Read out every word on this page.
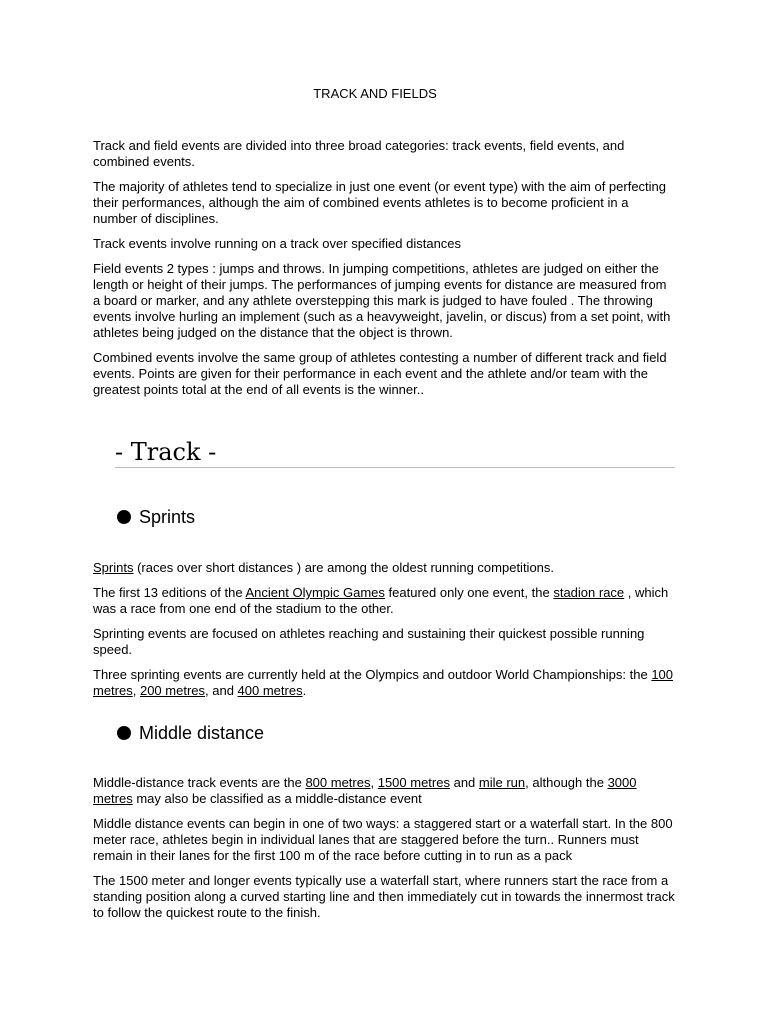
TRACK AND FIELDS

Track and field events are divided into three broad categories: track events, field events, and combined events.

The majority of athletes tend to specialize in just one event (or event type) with the aim of perfecting their performances, although the aim of combined events athletes is to become proficient in a number of disciplines.

Track events involve running on a track over specified distances

Field events 2 types : jumps and throws. In jumping competitions, athletes are judged on either the length or height of their jumps. The performances of jumping events for distance are measured from a board or marker, and any athlete overstepping this mark is judged to have fouled . The throwing events involve hurling an implement (such as a heavyweight, javelin, or discus) from a set point, with athletes being judged on the distance that the object is thrown.

Combined events involve the same group of athletes contesting a number of different track and field events. Points are given for their performance in each event and the athlete and/or team with the greatest points total at the end of all events is the winner..

- Track -
Sprints

Sprints (races over short distances ) are among the oldest running competitions.

The first 13 editions of the Ancient Olympic Games featured only one event, the stadion race , which was a race from one end of the stadium to the other.

Sprinting events are focused on athletes reaching and sustaining their quickest possible running speed.

Three sprinting events are currently held at the Olympics and outdoor World Championships: the 100 metres, 200 metres, and 400 metres.

Middle distance

Middle-distance track events are the 800 metres, 1500 metres and mile run, although the 3000 metres may also be classified as a middle-distance event

Middle distance events can begin in one of two ways: a staggered start or a waterfall start. In the 800 meter race, athletes begin in individual lanes that are staggered before the turn.. Runners must remain in their lanes for the first 100 m of the race before cutting in to run as a pack

The 1500 meter and longer events typically use a waterfall start, where runners start the race from a standing position along a curved starting line and then immediately cut in towards the innermost track to follow the quickest route to the finish.
